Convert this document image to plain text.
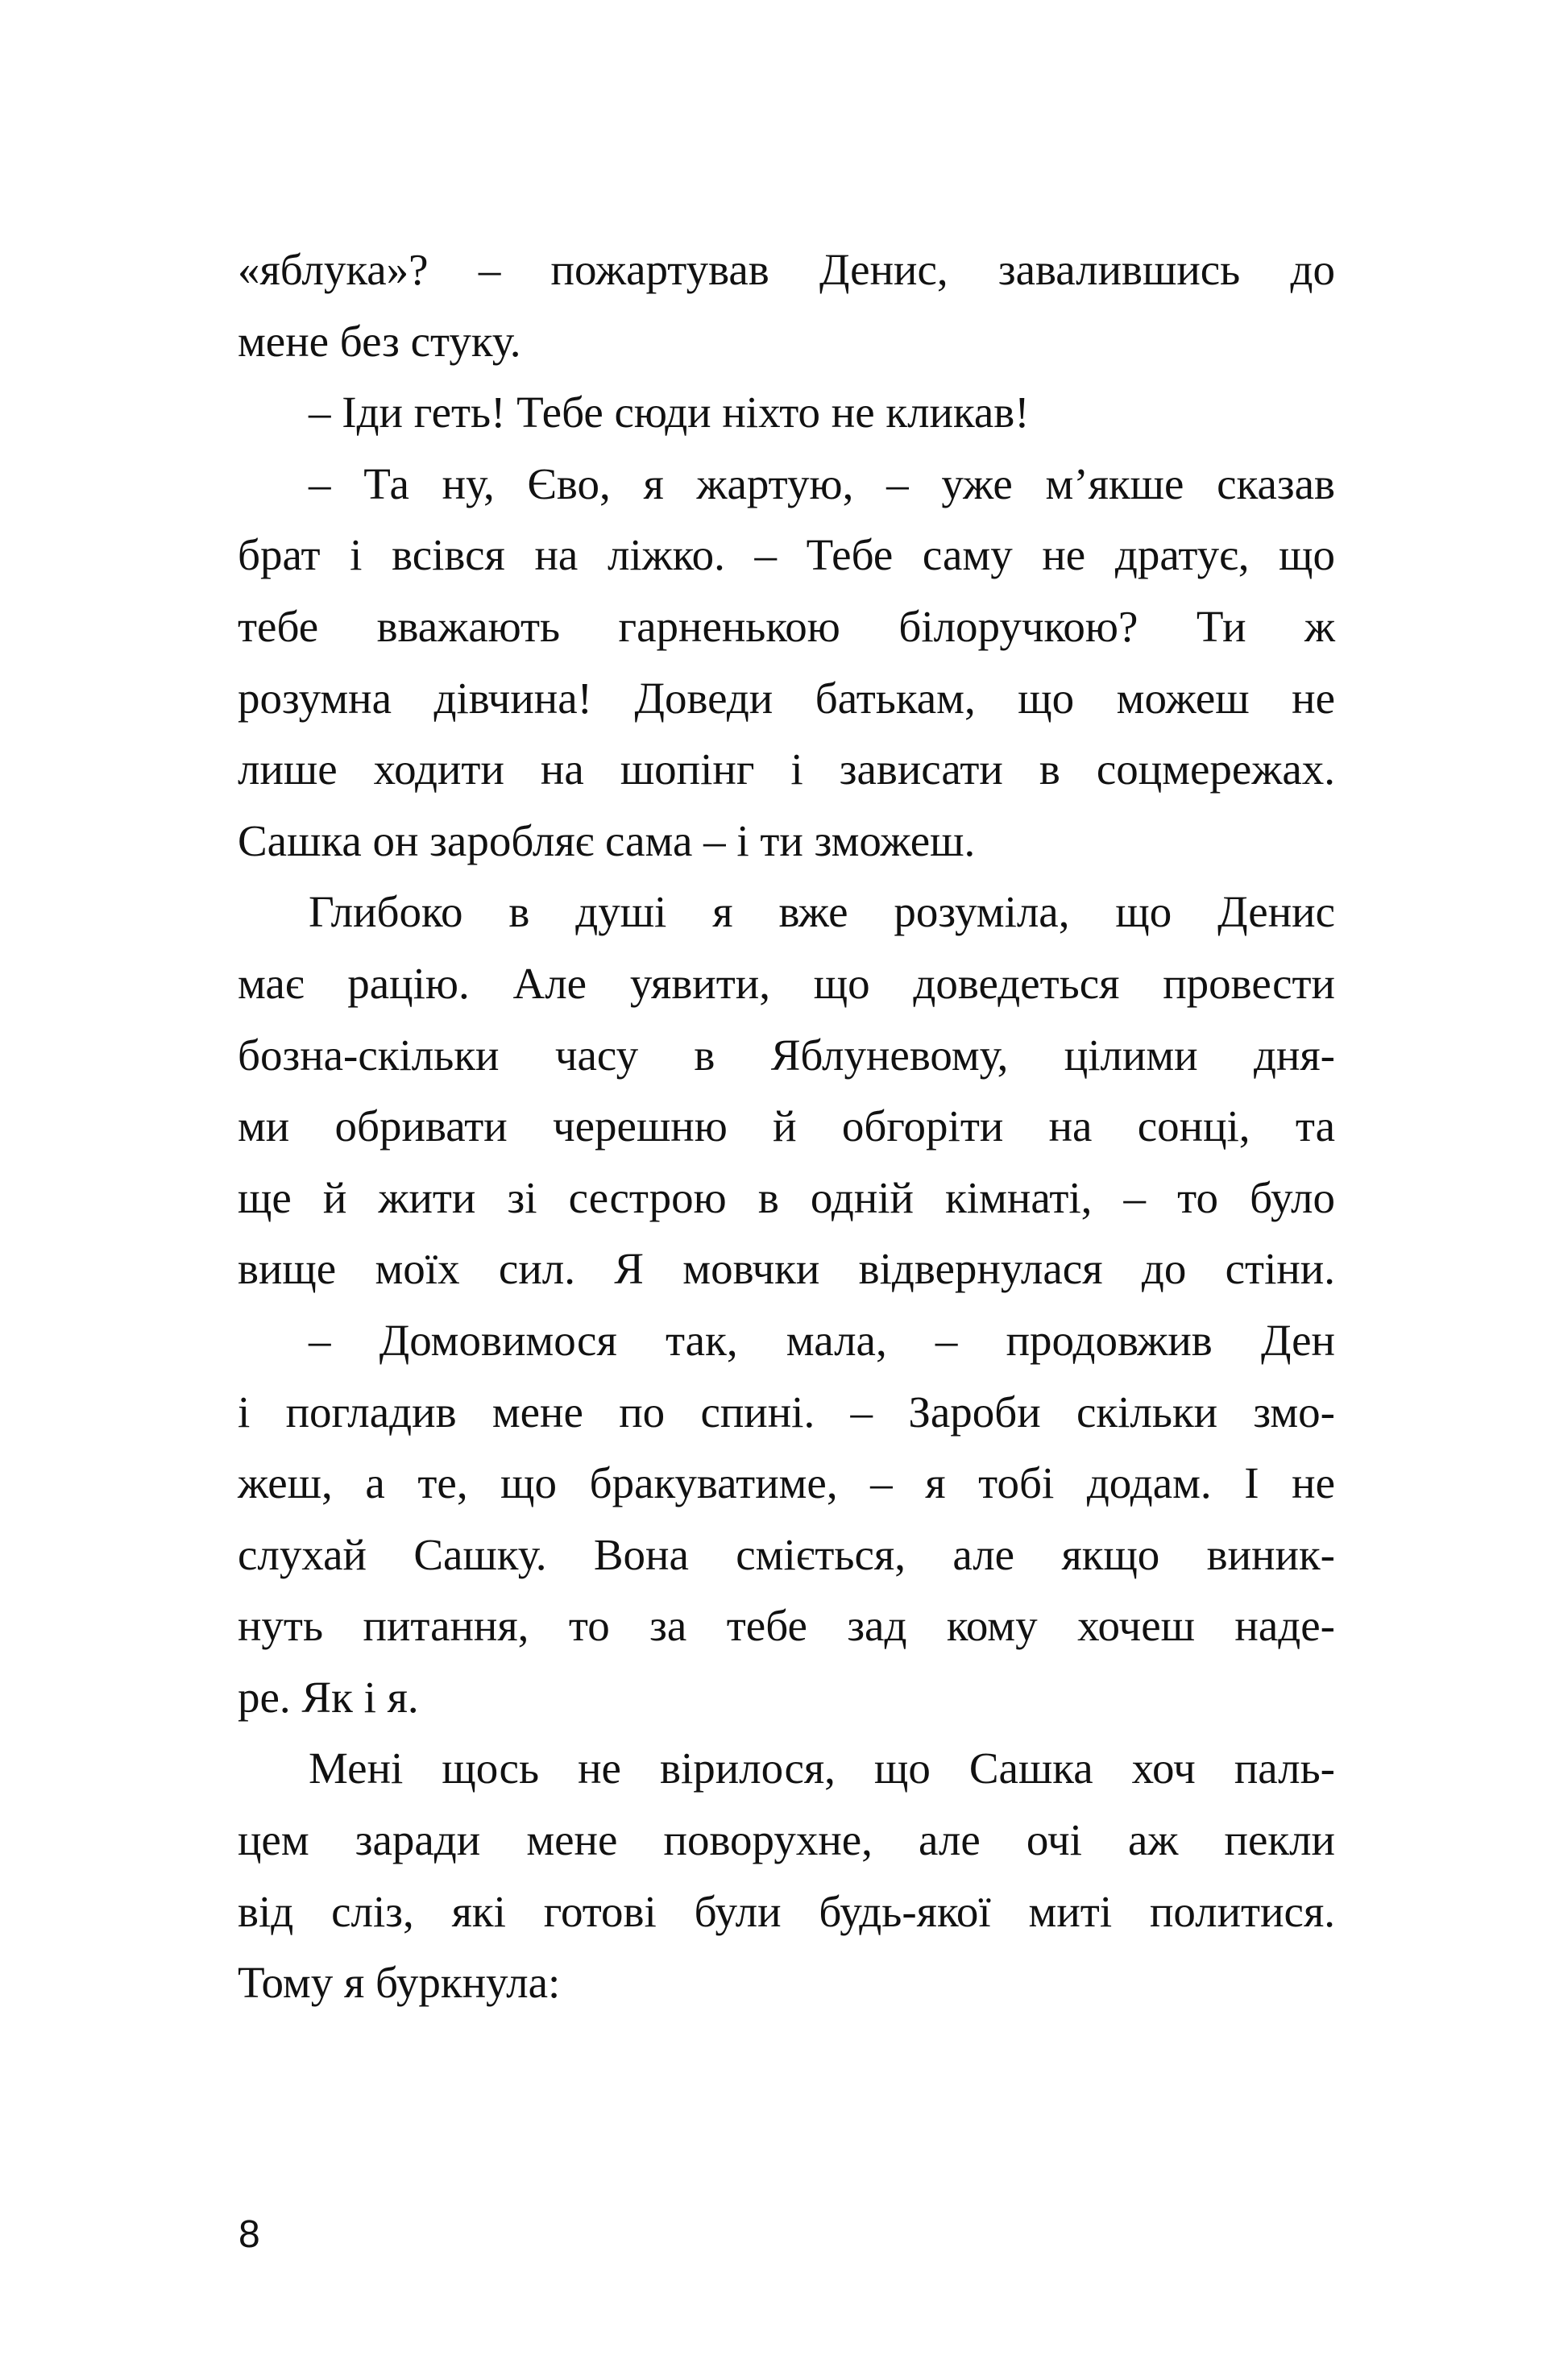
«яблука»? – пожартував Денис, завалившись до
мене без стуку.
– Іди геть! Тебе сюди ніхто не кликав!
– Та ну, Єво, я жартую, – уже м’якше сказав
брат і всівся на ліжко. – Тебе саму не дратує, що
тебе вважають гарненькою білоручкою? Ти ж
розумна дівчина! Доведи батькам, що можеш не
лише ходити на шопінг і зависати в соцмережах.
Сашка он заробляє сама – і ти зможеш.
Глибоко в душі я вже розуміла, що Денис
має рацію. Але уявити, що доведеться провести
бозна-скільки часу в Яблуневому, цілими дня-
ми обривати черешню й обгоріти на сонці, та
ще й жити зі сестрою в одній кімнаті, – то було
вище моїх сил. Я мовчки відвернулася до стіни.
– Домовимося так, мала, – продовжив Ден
і погладив мене по спині. – Зароби скільки змо-
жеш, а те, що бракуватиме, – я тобі додам. І не
слухай Сашку. Вона сміється, але якщо виник-
нуть питання, то за тебе зад кому хочеш наде-
ре. Як і я.
Мені щось не вірилося, що Сашка хоч паль-
цем заради мене поворухне, але очі аж пекли
від сліз, які готові були будь-якої миті политися.
Тому я буркнула:
8
